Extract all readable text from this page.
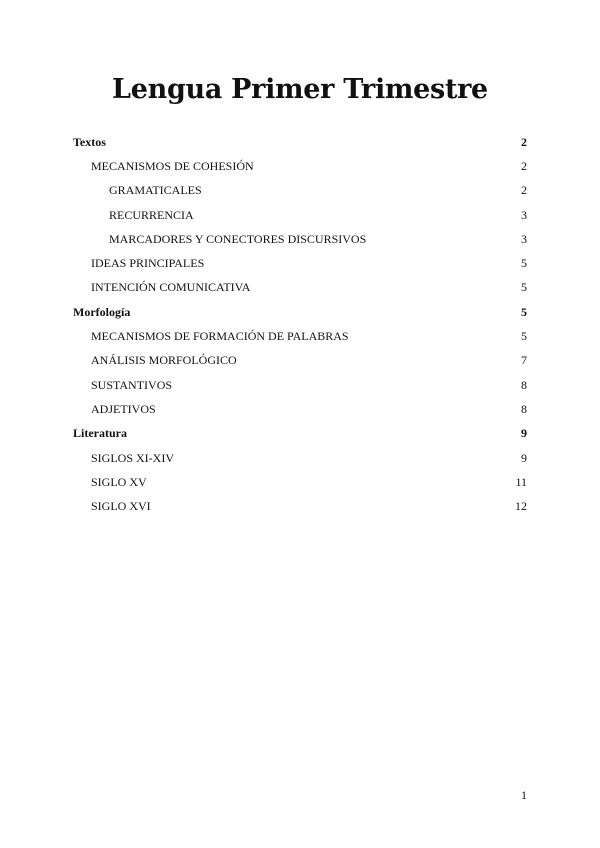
Lengua Primer Trimestre
Textos	2
MECANISMOS DE COHESIÓN	2
GRAMATICALES	2
RECURRENCIA	3
MARCADORES Y CONECTORES DISCURSIVOS	3
IDEAS PRINCIPALES	5
INTENCIÓN COMUNICATIVA	5
Morfología	5
MECANISMOS DE FORMACIÓN DE PALABRAS	5
ANÁLISIS MORFOLÓGICO	7
SUSTANTIVOS	8
ADJETIVOS	8
Literatura	9
SIGLOS XI-XIV	9
SIGLO XV	11
SIGLO XVI	12
1
